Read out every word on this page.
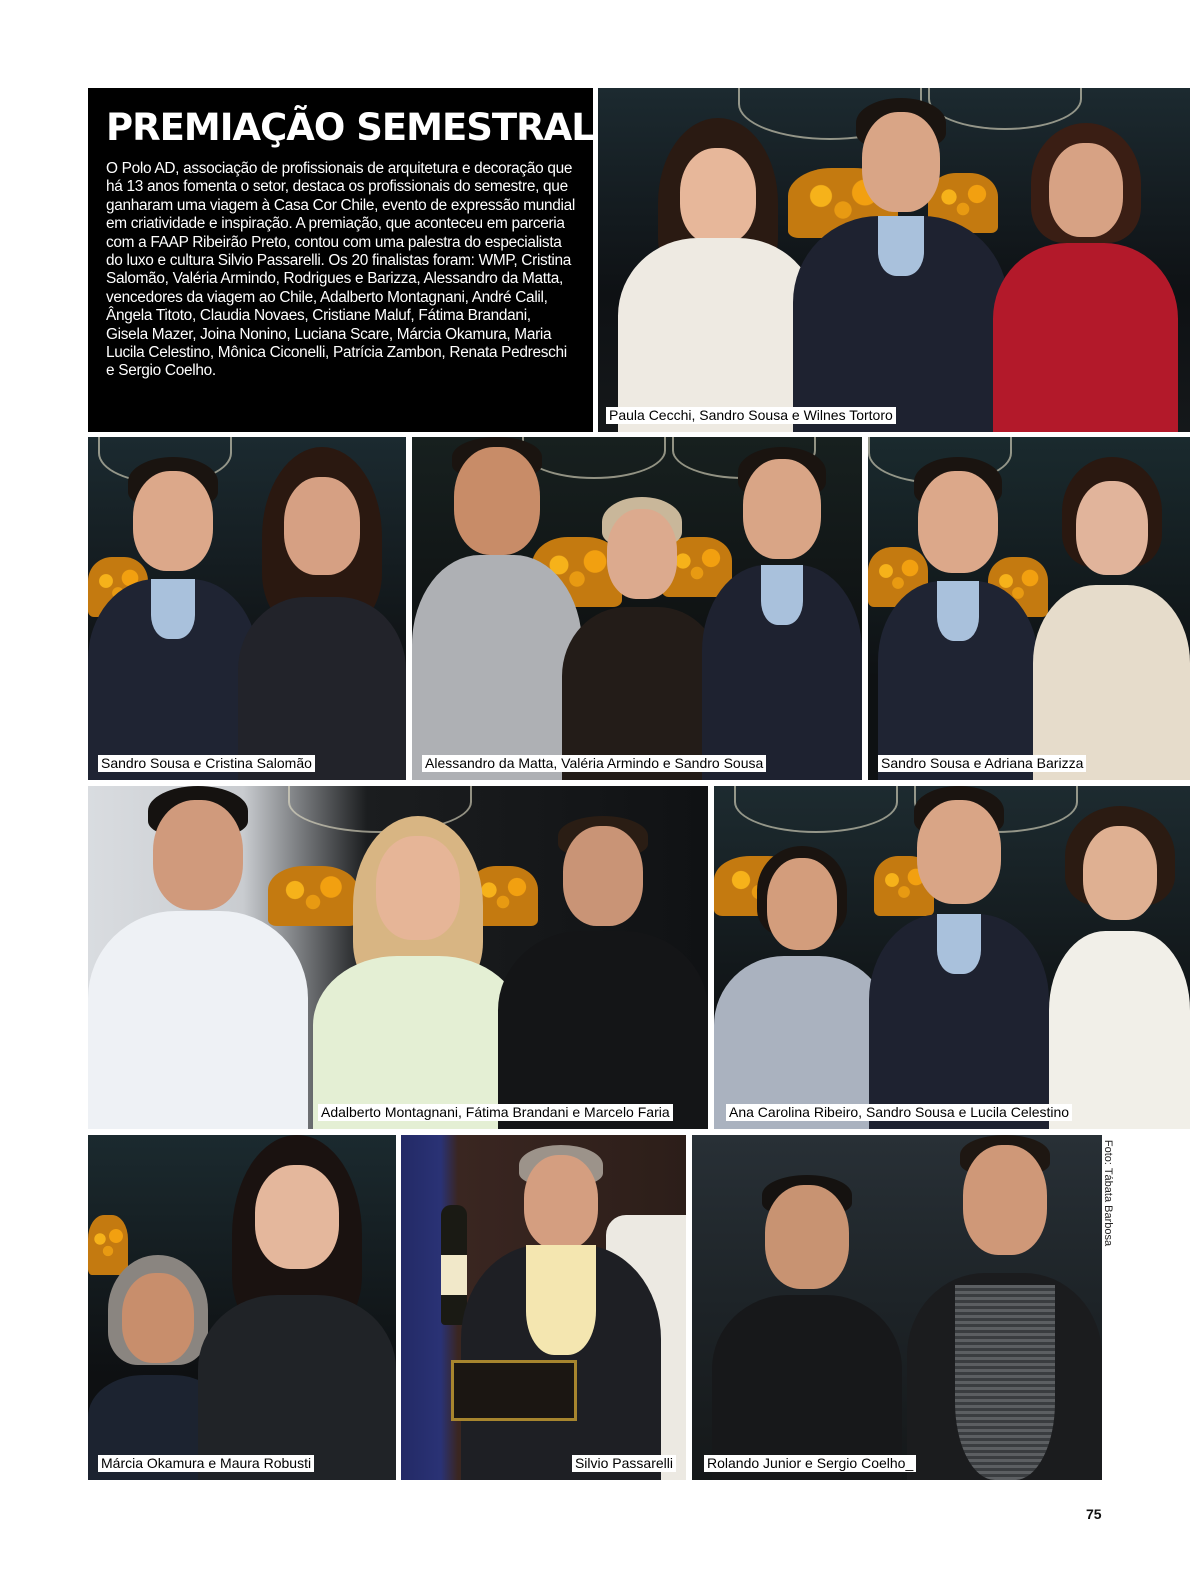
PREMIAÇÃO SEMESTRAL

O Polo AD, associação de profissionais de arquitetura e decoração que há 13 anos fomenta o setor, destaca os profissionais do semestre, que ganharam uma viagem à Casa Cor Chile, evento de expressão mundial em criatividade e inspiração. A premiação, que aconteceu em parceria com a FAAP Ribeirão Preto, contou com uma palestra do especialista do luxo e cultura Silvio Passarelli. Os 20 finalistas foram: WMP, Cristina Salomão, Valéria Armindo, Rodrigues e Barizza, Alessandro da Matta, vencedores da viagem ao Chile, Adalberto Montagnani, André Calil, Ângela Titoto, Claudia Novaes, Cristiane Maluf, Fátima Brandani, Gisela Mazer, Joina Nonino, Luciana Scare, Márcia Okamura, Maria Lucila Celestino, Mônica Ciconelli, Patrícia Zambon, Renata Pedreschi e Sergio Coelho.

Paula Cecchi, Sandro Sousa e Wilnes Tortoro
Sandro Sousa e Cristina Salomão	Alessandro da Matta, Valéria Armindo e Sandro Sousa	Sandro Sousa e Adriana Barizza
Adalberto Montagnani, Fátima Brandani e Marcelo Faria	Ana Carolina Ribeiro, Sandro Sousa e Lucila Celestino
Márcia Okamura e Maura Robusti	Silvio Passarelli Rolando Junior e Sergio Coelho_
Foto: Tábata Barbosa
75
